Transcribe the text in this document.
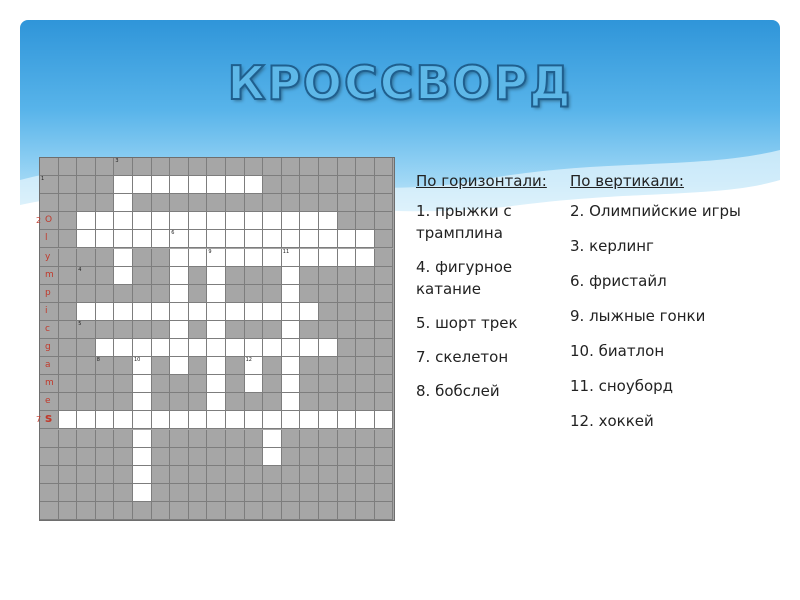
КРОССВОРД
3
1
O
l	6
y	9	11
m	4
p
i
c	5
g
a	8	10	12
m
e
s
2
7
По горизонтали:
1. прыжки с трамплина
4. фигурное катание
5. шорт трек
7. скелетон
8. бобслей
По вертикали:
2. Олимпийские игры
3. керлинг
6. фристайл
9. лыжные гонки
10. биатлон
11. сноуборд
12. хоккей
